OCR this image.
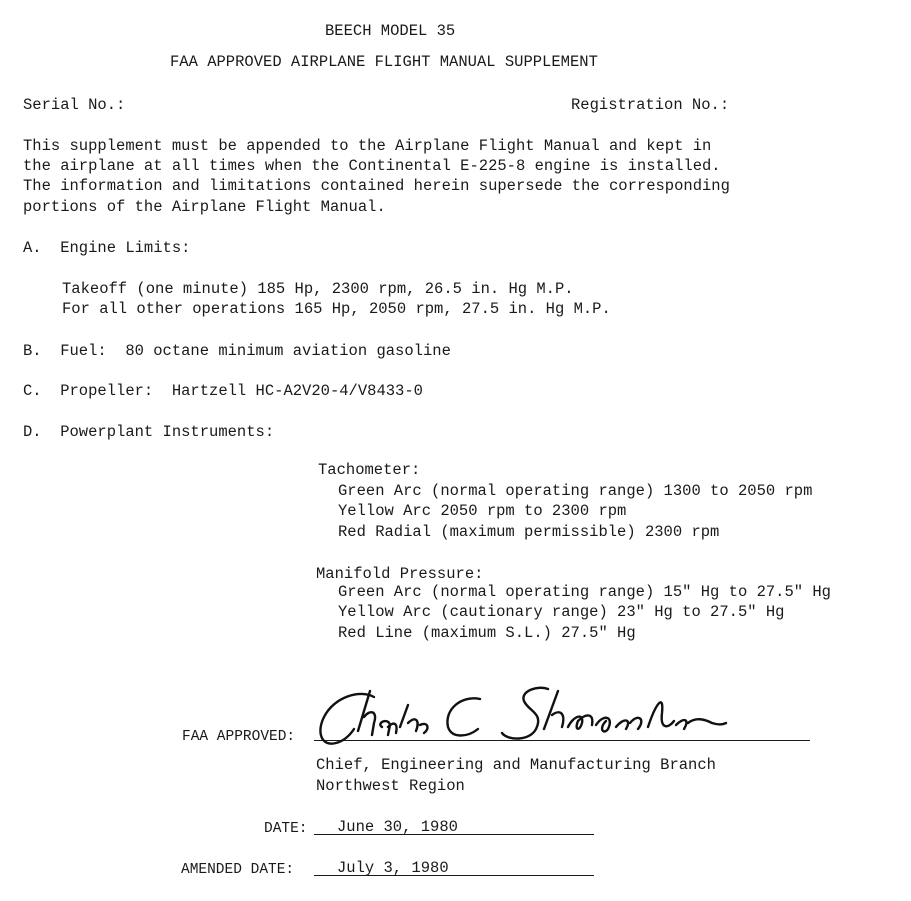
BEECH MODEL 35
FAA APPROVED AIRPLANE FLIGHT MANUAL SUPPLEMENT
Serial No.:	Registration No.:
This supplement must be appended to the Airplane Flight Manual and kept in
the airplane at all times when the Continental E-225-8 engine is installed.
The information and limitations contained herein supersede the corresponding
portions of the Airplane Flight Manual.
A.  Engine Limits:
Takeoff (one minute) 185 Hp, 2300 rpm, 26.5 in. Hg M.P.
For all other operations 165 Hp, 2050 rpm, 27.5 in. Hg M.P.
B.  Fuel:  80 octane minimum aviation gasoline
C.  Propeller:  Hartzell HC-A2V20-4/V8433-0
D.  Powerplant Instruments:
Tachometer:
Green Arc (normal operating range) 1300 to 2050 rpm
Yellow Arc 2050 rpm to 2300 rpm
Red Radial (maximum permissible) 2300 rpm
Manifold Pressure:
Green Arc (normal operating range) 15" Hg to 27.5" Hg
Yellow Arc (cautionary range) 23" Hg to 27.5" Hg
Red Line (maximum S.L.) 27.5" Hg
FAA APPROVED:
Chief, Engineering and Manufacturing Branch
Northwest Region
DATE: June 30, 1980
AMENDED DATE:	July 3, 1980
